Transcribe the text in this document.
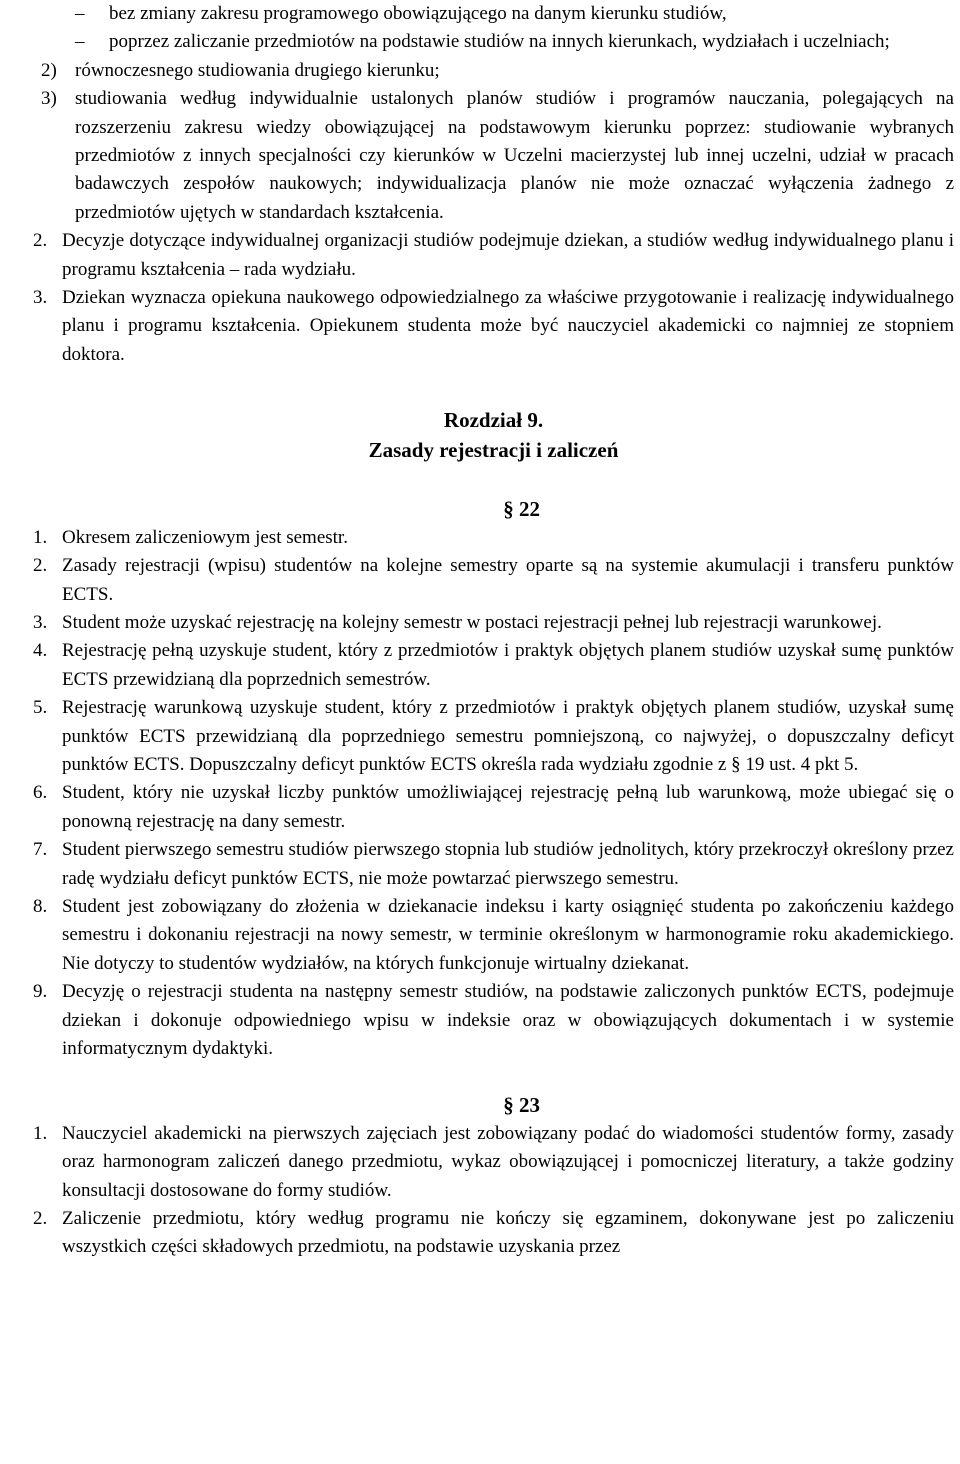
–	bez zmiany zakresu programowego obowiązującego na danym kierunku studiów,
–	poprzez zaliczanie przedmiotów na podstawie studiów na innych kierunkach, wydziałach i uczelniach;
2) równoczesnego studiowania drugiego kierunku;
3) studiowania według indywidualnie ustalonych planów studiów i programów nauczania, polegających na rozszerzeniu zakresu wiedzy obowiązującej na podstawowym kierunku poprzez: studiowanie wybranych przedmiotów z innych specjalności czy kierunków w Uczelni macierzystej lub innej uczelni, udział w pracach badawczych zespołów naukowych; indywidualizacja planów nie może oznaczać wyłączenia żadnego z przedmiotów ujętych w standardach kształcenia.
2. Decyzje dotyczące indywidualnej organizacji studiów podejmuje dziekan, a studiów według indywidualnego planu i programu kształcenia – rada wydziału.
3. Dziekan wyznacza opiekuna naukowego odpowiedzialnego za właściwe przygotowanie i realizację indywidualnego planu i programu kształcenia. Opiekunem studenta może być nauczyciel akademicki co najmniej ze stopniem doktora.
Rozdział 9.
Zasady rejestracji i zaliczeń
§ 22
1. Okresem zaliczeniowym jest semestr.
2. Zasady rejestracji (wpisu) studentów na kolejne semestry oparte są na systemie akumulacji i transferu punktów ECTS.
3. Student może uzyskać rejestrację na kolejny semestr w postaci rejestracji pełnej lub rejestracji warunkowej.
4. Rejestrację pełną uzyskuje student, który z przedmiotów i praktyk objętych planem studiów uzyskał sumę punktów ECTS przewidzianą dla poprzednich semestrów.
5. Rejestrację warunkową uzyskuje student, który z przedmiotów i praktyk objętych planem studiów, uzyskał sumę punktów ECTS przewidzianą dla poprzedniego semestru pomniejszoną, co najwyżej, o dopuszczalny deficyt punktów ECTS. Dopuszczalny deficyt punktów ECTS określa rada wydziału zgodnie z § 19 ust. 4 pkt 5.
6. Student, który nie uzyskał liczby punktów umożliwiającej rejestrację pełną lub warunkową, może ubiegać się o ponowną rejestrację na dany semestr.
7. Student pierwszego semestru studiów pierwszego stopnia lub studiów jednolitych, który przekroczył określony przez radę wydziału deficyt punktów ECTS, nie może powtarzać pierwszego semestru.
8. Student jest zobowiązany do złożenia w dziekanacie indeksu i karty osiągnięć studenta po zakończeniu każdego semestru i dokonaniu rejestracji na nowy semestr, w terminie określonym w harmonogramie roku akademickiego. Nie dotyczy to studentów wydziałów, na których funkcjonuje wirtualny dziekanat.
9. Decyzję o rejestracji studenta na następny semestr studiów, na podstawie zaliczonych punktów ECTS, podejmuje dziekan i dokonuje odpowiedniego wpisu w indeksie oraz w obowiązujących dokumentach i w systemie informatycznym dydaktyki.
§ 23
1. Nauczyciel akademicki na pierwszych zajęciach jest zobowiązany podać do wiadomości studentów formy, zasady oraz harmonogram zaliczeń danego przedmiotu, wykaz obowiązującej i pomocniczej literatury, a także godziny konsultacji dostosowane do formy studiów.
2. Zaliczenie przedmiotu, który według programu nie kończy się egzaminem, dokonywane jest po zaliczeniu wszystkich części składowych przedmiotu, na podstawie uzyskania przez
